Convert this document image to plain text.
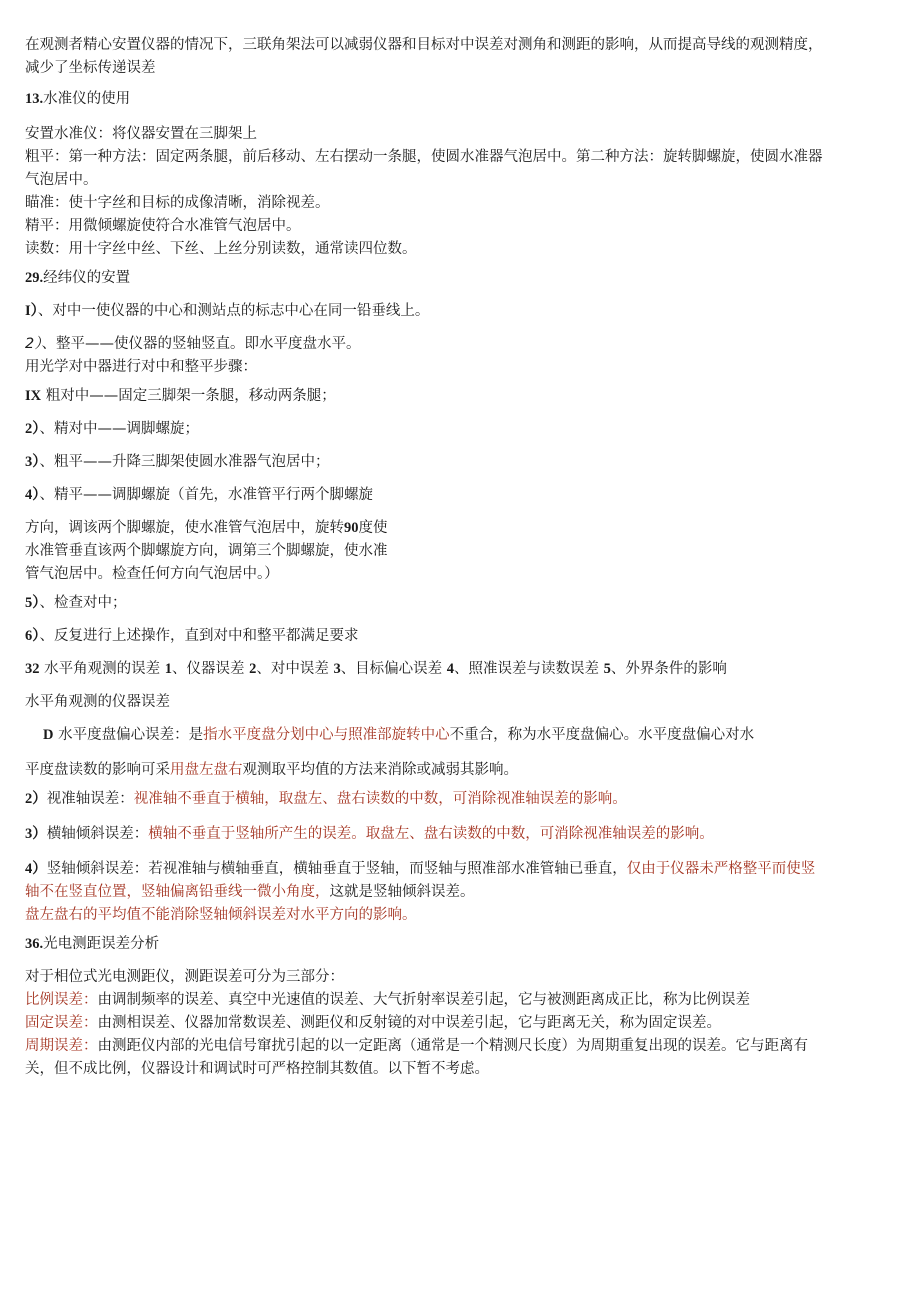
在观测者精心安置仪器的情况下，三联角架法可以减弱仪器和目标对中误差对测角和测距的影响，从而提高导线的观测精度，

减少了坐标传递误差

13.水准仪的使用

安置水准仪：将仪器安置在三脚架上

粗平：第一种方法：固定两条腿，前后移动、左右摆动一条腿，使圆水准器气泡居中。第二种方法：旋转脚螺旋，使圆水准器

气泡居中。

瞄准：使十字丝和目标的成像清晰，消除视差。

精平：用微倾螺旋使符合水准管气泡居中。

读数：用十字丝中丝、下丝、上丝分别读数，通常读四位数。

29.经纬仪的安置

I）、对中一使仪器的中心和测站点的标志中心在同一铅垂线上。

2）、整平——使仪器的竖轴竖直。即水平度盘水平。

用光学对中器进行对中和整平步骤：

IX 粗对中——固定三脚架一条腿，移动两条腿；

2）、精对中——调脚螺旋；

3）、粗平——升降三脚架使圆水准器气泡居中；

4）、精平——调脚螺旋（首先，水准管平行两个脚螺旋

方向，调该两个脚螺旋，使水准管气泡居中，旋转90度使

水准管垂直该两个脚螺旋方向，调第三个脚螺旋，使水准

管气泡居中。检查任何方向气泡居中。）

5）、检查对中；

6）、反复进行上述操作，直到对中和整平都满足要求

32 水平角观测的误差 1、仪器误差 2、对中误差 3、目标偏心误差 4、照准误差与读数误差 5、外界条件的影响

水平角观测的仪器误差

D 水平度盘偏心误差：是指水平度盘分划中心与照准部旋转中心不重合，称为水平度盘偏心。水平度盘偏心对水

平度盘读数的影响可采用盘左盘右观测取平均值的方法来消除或减弱其影响。

2）视准轴误差：视准轴不垂直于横轴，取盘左、盘右读数的中数，可消除视准轴误差的影响。

3）横轴倾斜误差：横轴不垂直于竖轴所产生的误差。取盘左、盘右读数的中数，可消除视准轴误差的影响。

4）竖轴倾斜误差：若视准轴与横轴垂直，横轴垂直于竖轴，而竖轴与照准部水准管轴已垂直，仅由于仪器未严格整平而使竖

轴不在竖直位置，竖轴偏离铅垂线一微小角度，这就是竖轴倾斜误差。

盘左盘右的平均值不能消除竖轴倾斜误差对水平方向的影响。

36.光电测距误差分析

对于相位式光电测距仪，测距误差可分为三部分：

比例误差：由调制频率的误差、真空中光速值的误差、大气折射率误差引起，它与被测距离成正比，称为比例误差

固定误差：由测相误差、仪器加常数误差、测距仪和反射镜的对中误差引起，它与距离无关，称为固定误差。

周期误差：由测距仪内部的光电信号窜扰引起的以一定距离（通常是一个精测尺长度）为周期重复出现的误差。它与距离有

关，但不成比例，仪器设计和调试时可严格控制其数值。以下暂不考虑。
